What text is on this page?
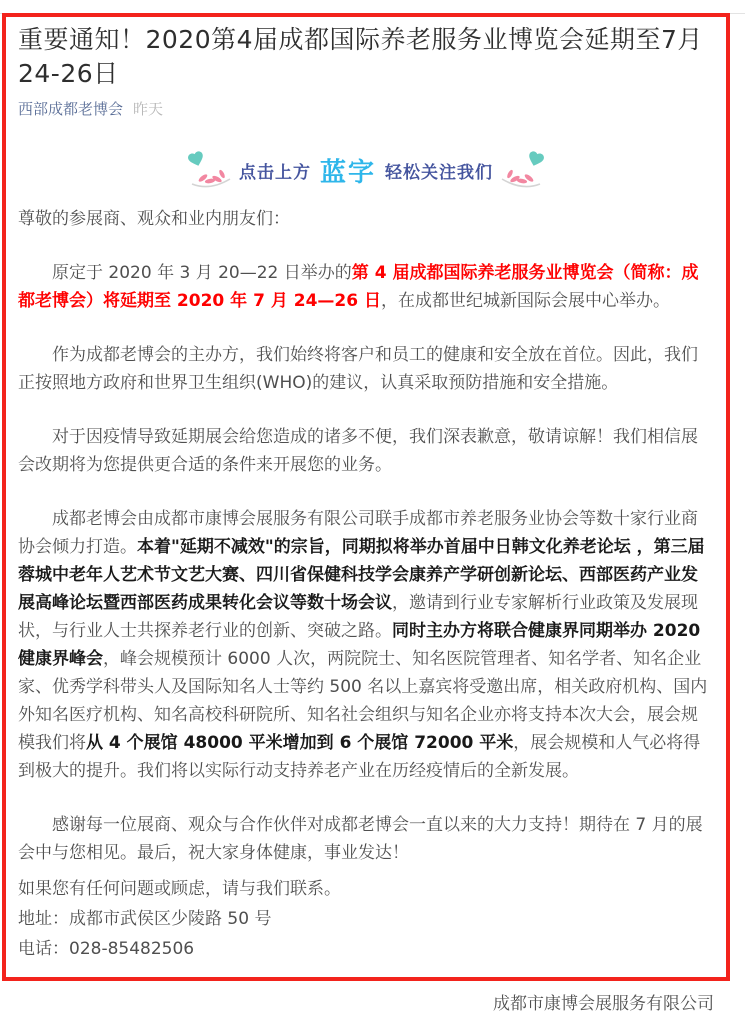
重要通知！2020第4届成都国际养老服务业博览会延期至7月24-26日
西部成都老博会 昨天
点击上方 蓝字 轻松关注我们

尊敬的参展商、观众和业内朋友们：

原定于 2020 年 3 月 20—22 日举办的第 4 届成都国际养老服务业博览会（简称：成都老博会）将延期至 2020 年 7 月 24—26 日，在成都世纪城新国际会展中心举办。

作为成都老博会的主办方，我们始终将客户和员工的健康和安全放在首位。因此，我们正按照地方政府和世界卫生组织(WHO)的建议，认真采取预防措施和安全措施。

对于因疫情导致延期展会给您造成的诸多不便，我们深表歉意，敬请谅解！我们相信展会改期将为您提供更合适的条件来开展您的业务。

成都老博会由成都市康博会展服务有限公司联手成都市养老服务业协会等数十家行业商协会倾力打造。本着"延期不减效"的宗旨，同期拟将举办首届中日韩文化养老论坛 ，第三届蓉城中老年人艺术节文艺大赛、四川省保健科技学会康养产学研创新论坛、西部医药产业发展高峰论坛暨西部医药成果转化会议等数十场会议，邀请到行业专家解析行业政策及发展现状，与行业人士共探养老行业的创新、突破之路。同时主办方将联合健康界同期举办 2020健康界峰会，峰会规模预计 6000 人次，两院院士、知名医院管理者、知名学者、知名企业家、优秀学科带头人及国际知名人士等约 500 名以上嘉宾将受邀出席，相关政府机构、国内外知名医疗机构、知名高校科研院所、知名社会组织与知名企业亦将支持本次大会，展会规模我们将从 4 个展馆 48000 平米增加到 6 个展馆 72000 平米，展会规模和人气必将得到极大的提升。我们将以实际行动支持养老产业在历经疫情后的全新发展。

感谢每一位展商、观众与合作伙伴对成都老博会一直以来的大力支持！期待在 7 月的展会中与您相见。最后，祝大家身体健康，事业发达！

如果您有任何问题或顾虑，请与我们联系。

地址：成都市武侯区少陵路 50 号

电话：028-85482506

成都市康博会展服务有限公司
